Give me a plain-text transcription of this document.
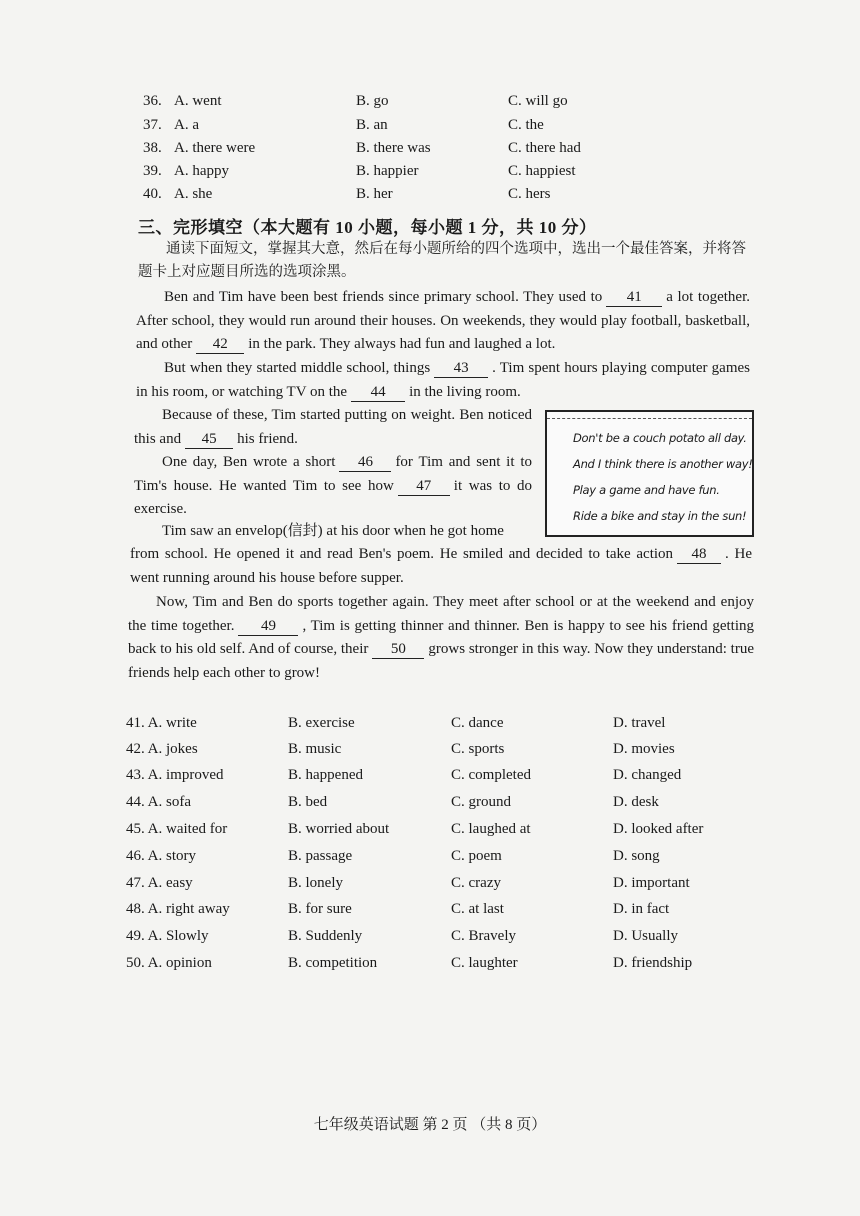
36. A. went	B. go	C. will go
37. A. a	B. an	C. the
38. A. there were	B. there was	C. there had
39. A. happy	B. happier	C. happiest
40. A. she	B. her	C. hers
三、完形填空（本大题有 10 小题，每小题 1 分，共 10 分）
通读下面短文，掌握其大意，然后在每小题所给的四个选项中，选出一个最佳答案，并将答题卡上对应题目所选的选项涂黑。
Ben and Tim have been best friends since primary school. They used to 41 a lot together. After school, they would run around their houses. On weekends, they would play football, basketball, and other 42 in the park. They always had fun and laughed a lot.
But when they started middle school, things 43 . Tim spent hours playing computer games in his room, or watching TV on the 44 in the living room.
Because of these, Tim started putting on weight. Ben noticed this and 45 his friend.
One day, Ben wrote a short 46 for Tim and sent it to Tim's house. He wanted Tim to see how 47 it was to do exercise.
Tim saw an envelop(信封) at his door when he got home
from school. He opened it and read Ben's poem. He smiled and decided to take action 48 . He went running around his house before supper.
Now, Tim and Ben do sports together again. They meet after school or at the weekend and enjoy the time together. 49 , Tim is getting thinner and thinner. Ben is happy to see his friend getting back to his old self. And of course, their 50 grows stronger in this way. Now they understand: true friends help each other to grow!
Don't be a couch potato all day.
And I think there is another way!
Play a game and have fun.
Ride a bike and stay in the sun!
41. A. write	B. exercise	C. dance	D. travel
42. A. jokes	B. music	C. sports	D. movies
43. A. improved	B. happened	C. completed	D. changed
44. A. sofa	B. bed	C. ground	D. desk
45. A. waited for	B. worried about	C. laughed at	D. looked after
46. A. story	B. passage	C. poem	D. song
47. A. easy	B. lonely	C. crazy	D. important
48. A. right away	B. for sure	C. at last	D. in fact
49. A. Slowly	B. Suddenly	C. Bravely	D. Usually
50. A. opinion	B. competition	C. laughter	D. friendship
七年级英语试题 第 2 页 （共 8 页）
